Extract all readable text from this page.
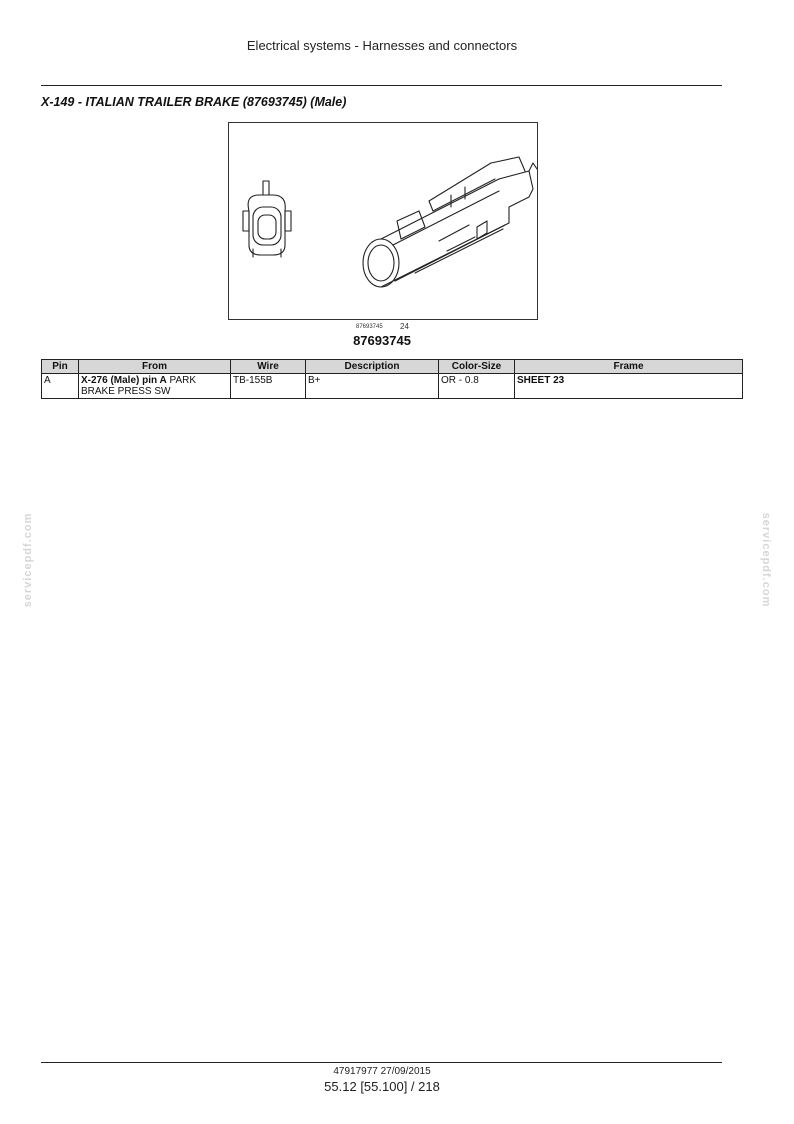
Electrical systems - Harnesses and connectors
X-149 - ITALIAN TRAILER BRAKE (87693745) (Male)
87693745 24
87693745
Pin	From	Wire	Description	Color-Size	Frame
A	X-276 (Male) pin A PARK BRAKE PRESS SW	TB-155B	B+	OR - 0.8	SHEET 23
servicepdf.com	servicepdf.com
47917977 27/09/2015
55.12 [55.100] / 218
